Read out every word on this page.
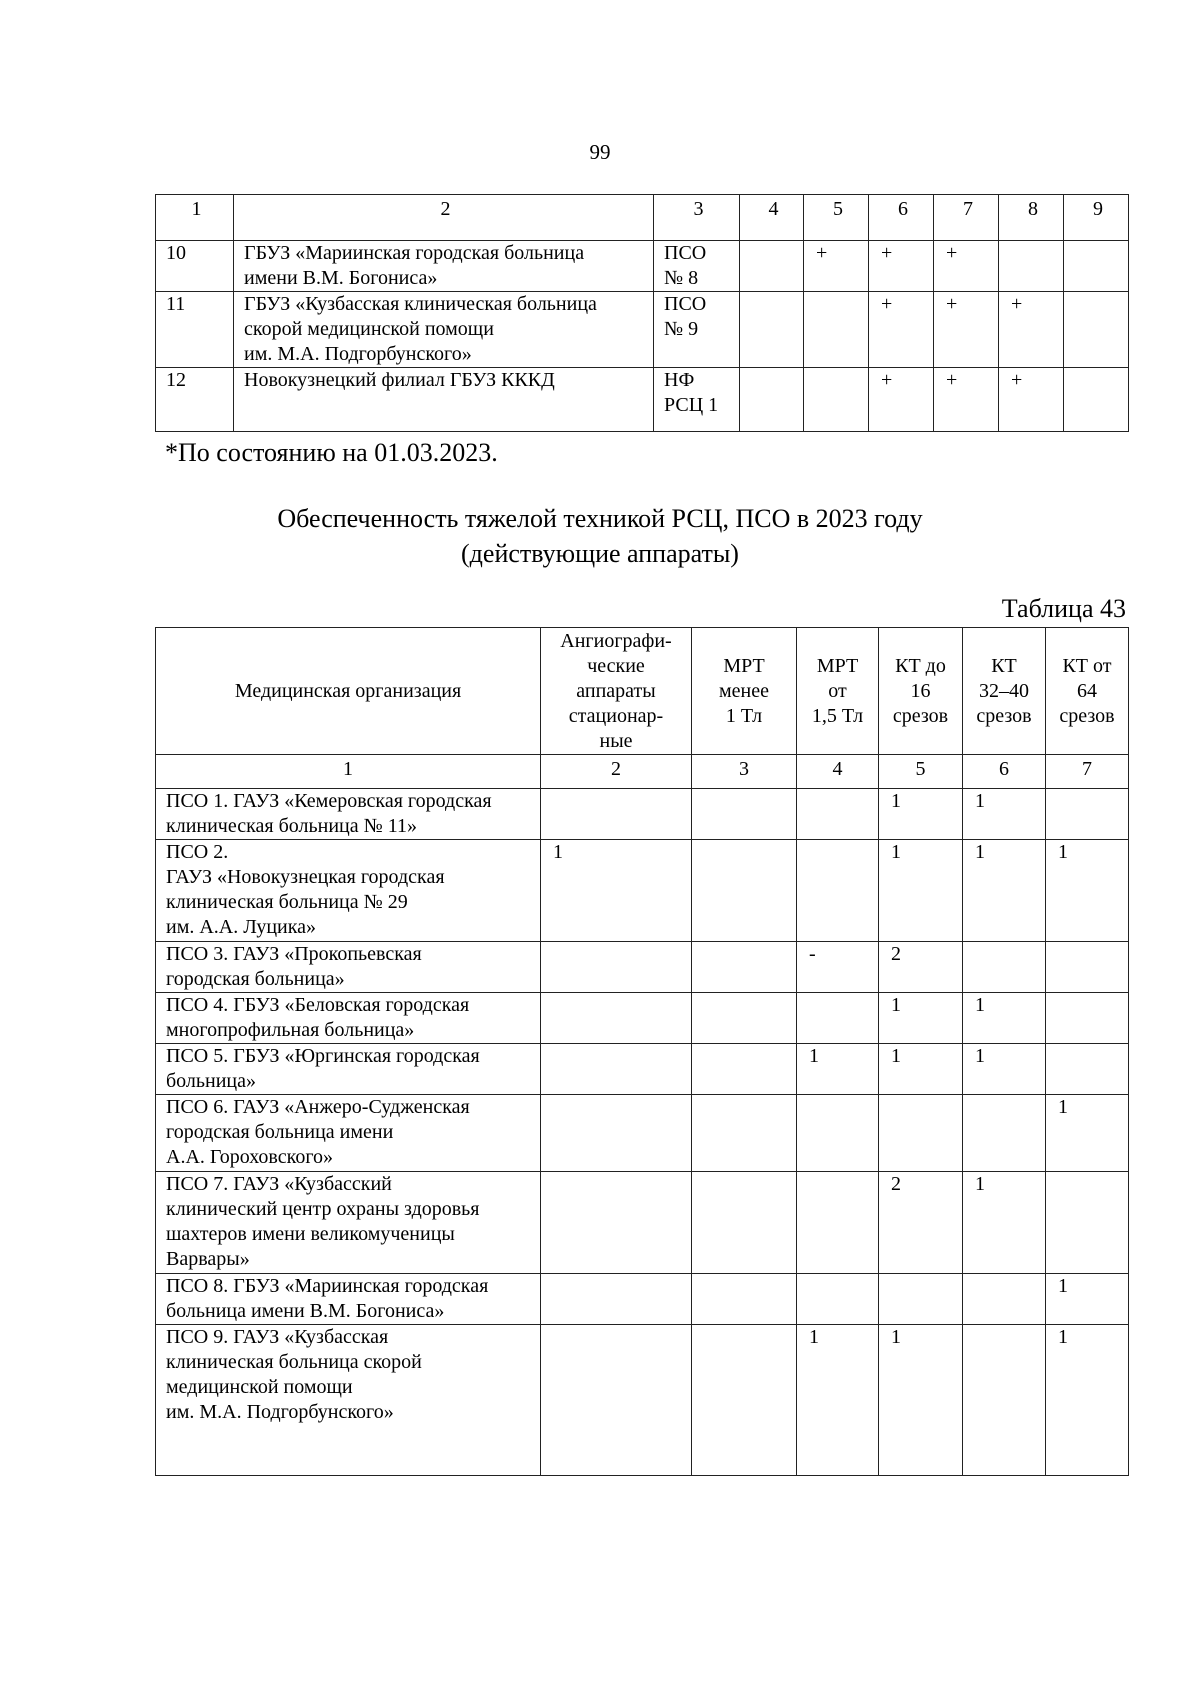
99
1	2	3	4	5	6	7	8	9
10	ГБУЗ «Мариинская городская больница
имени В.М. Богониса»	ПСО
№ 8		+	+	+		
11	ГБУЗ «Кузбасская клиническая больница
скорой медицинской помощи
им. М.А. Подгорбунского»	ПСО
№ 9			+	+	+	
12	Новокузнецкий филиал ГБУЗ КККД	НФ
РСЦ 1			+	+	+	
*По состоянию на 01.03.2023.
Обеспеченность тяжелой техникой РСЦ, ПСО в 2023 году
(действующие аппараты)
Таблица 43
Медицинская организация	Ангиографи-
ческие
аппараты
стационар-
ные	МРТ
менее
1 Тл	МРТ
от
1,5 Тл	КТ до
16
срезов	КТ
32–40
срезов	КТ от
64
срезов
1	2	3	4	5	6	7
ПСО 1. ГАУЗ «Кемеровская городская
клиническая больница № 11»				1	1	
ПСО 2.
ГАУЗ «Новокузнецкая городская
клиническая больница № 29
им. А.А. Луцика»	1			1	1	1
ПСО 3. ГАУЗ «Прокопьевская
городская больница»			-	2		
ПСО 4. ГБУЗ «Беловская городская
многопрофильная больница»				1	1	
ПСО 5. ГБУЗ «Юргинская городская
больница»			1	1	1	
ПСО 6. ГАУЗ «Анжеро-Судженская
городская больница имени
А.А. Гороховского»						1
ПСО 7. ГАУЗ «Кузбасский
клинический центр охраны здоровья
шахтеров имени великомученицы
Варвары»				2	1	
ПСО 8. ГБУЗ «Мариинская городская
больница имени В.М. Богониса»						1
ПСО 9. ГАУЗ «Кузбасская
клиническая больница скорой
медицинской помощи
им. М.А. Подгорбунского»			1	1		1
